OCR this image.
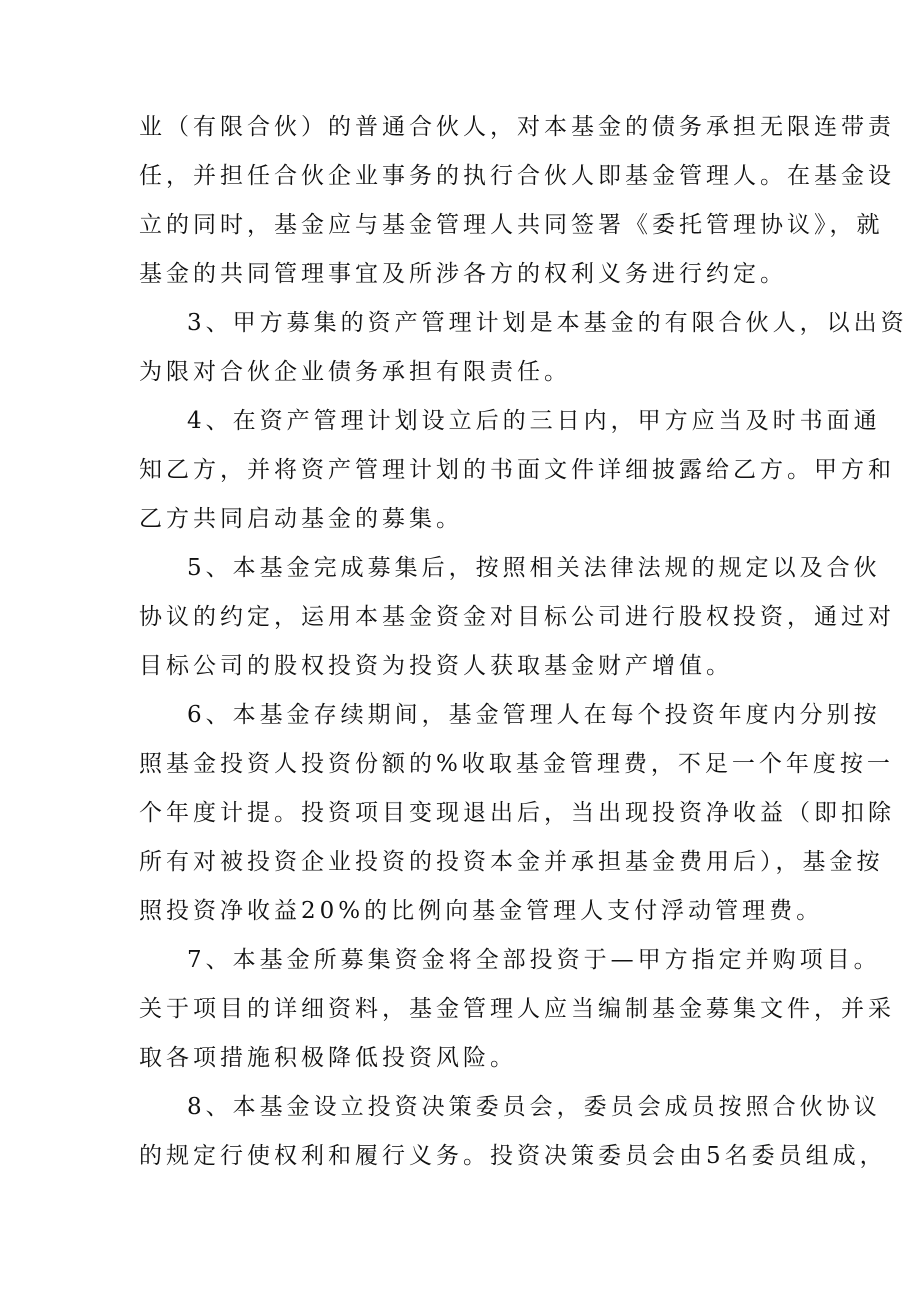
业（有限合伙）的普通合伙人，对本基金的债务承担无限连带责
任，并担任合伙企业事务的执行合伙人即基金管理人。在基金设
立的同时，基金应与基金管理人共同签署《委托管理协议》，就
基金的共同管理事宜及所涉各方的权利义务进行约定。
3、甲方募集的资产管理计划是本基金的有限合伙人，以出资
为限对合伙企业债务承担有限责任。
4、在资产管理计划设立后的三日内，甲方应当及时书面通
知乙方，并将资产管理计划的书面文件详细披露给乙方。甲方和
乙方共同启动基金的募集。
5、本基金完成募集后，按照相关法律法规的规定以及合伙
协议的约定，运用本基金资金对目标公司进行股权投资，通过对
目标公司的股权投资为投资人获取基金财产增值。
6、本基金存续期间，基金管理人在每个投资年度内分别按
照基金投资人投资份额的%收取基金管理费，不足一个年度按一
个年度计提。投资项目变现退出后，当出现投资净收益（即扣除
所有对被投资企业投资的投资本金并承担基金费用后），基金按
照投资净收益20%的比例向基金管理人支付浮动管理费。
7、本基金所募集资金将全部投资于—甲方指定并购项目。
关于项目的详细资料，基金管理人应当编制基金募集文件，并采
取各项措施积极降低投资风险。
8、本基金设立投资决策委员会，委员会成员按照合伙协议
的规定行使权利和履行义务。投资决策委员会由5名委员组成，
